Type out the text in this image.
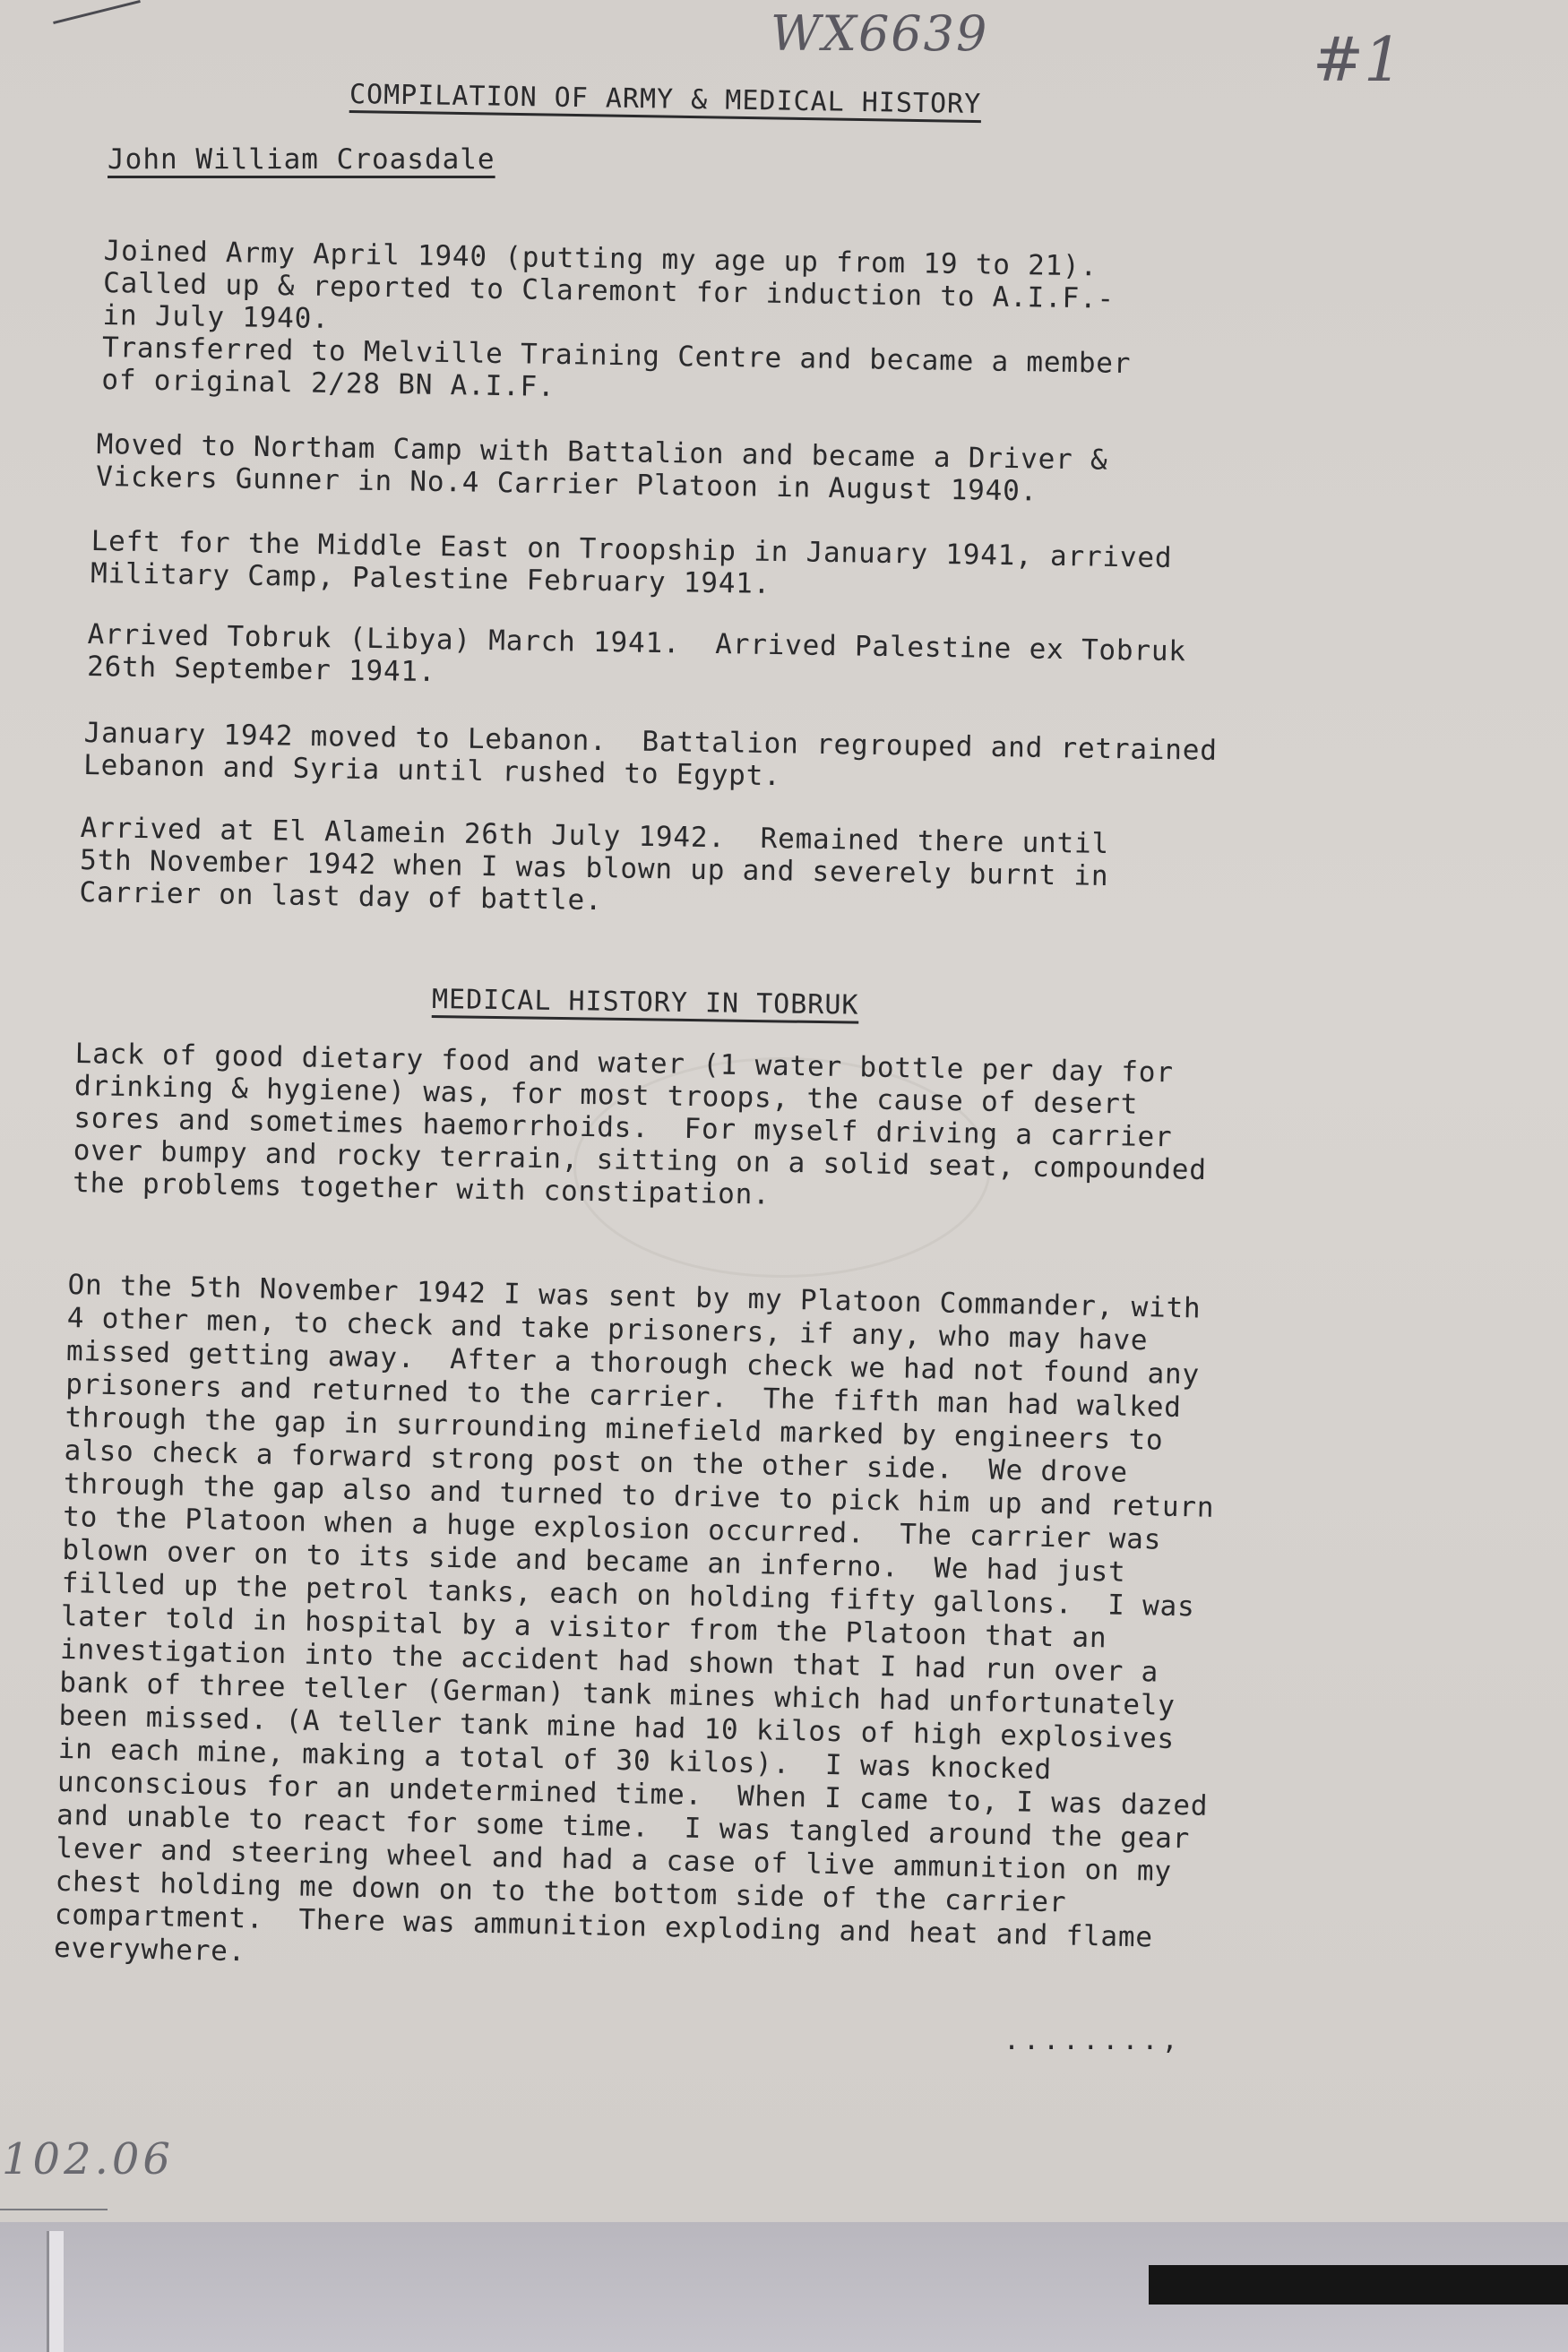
WX6639	#1
COMPILATION OF ARMY & MEDICAL HISTORY
John William Croasdale

Joined Army April 1940 (putting my age up from 19 to 21).
Called up & reported to Claremont for induction to A.I.F.-
in July 1940.
Transferred to Melville Training Centre and became a member
of original 2/28 BN A.I.F.

Moved to Northam Camp with Battalion and became a Driver &
Vickers Gunner in No.4 Carrier Platoon in August 1940.

Left for the Middle East on Troopship in January 1941, arrived
Military Camp, Palestine February 1941.

Arrived Tobruk (Libya) March 1941.  Arrived Palestine ex Tobruk
26th September 1941.

January 1942 moved to Lebanon.  Battalion regrouped and retrained
Lebanon and Syria until rushed to Egypt.

Arrived at El Alamein 26th July 1942.  Remained there until
5th November 1942 when I was blown up and severely burnt in
Carrier on last day of battle.

MEDICAL HISTORY IN TOBRUK

Lack of good dietary food and water (1 water bottle per day for
drinking & hygiene) was, for most troops, the cause of desert
sores and sometimes haemorrhoids.  For myself driving a carrier
over bumpy and rocky terrain, sitting on a solid seat, compounded
the problems together with constipation.

On the 5th November 1942 I was sent by my Platoon Commander, with
4 other men, to check and take prisoners, if any, who may have
missed getting away.  After a thorough check we had not found any
prisoners and returned to the carrier.  The fifth man had walked
through the gap in surrounding minefield marked by engineers to
also check a forward strong post on the other side.  We drove
through the gap also and turned to drive to pick him up and return
to the Platoon when a huge explosion occurred.  The carrier was
blown over on to its side and became an inferno.  We had just
filled up the petrol tanks, each on holding fifty gallons.  I was
later told in hospital by a visitor from the Platoon that an
investigation into the accident had shown that I had run over a
bank of three teller (German) tank mines which had unfortunately
been missed. (A teller tank mine had 10 kilos of high explosives
in each mine, making a total of 30 kilos).  I was knocked
unconscious for an undetermined time.  When I came to, I was dazed
and unable to react for some time.  I was tangled around the gear
lever and steering wheel and had a case of live ammunition on my
chest holding me down on to the bottom side of the carrier
compartment.  There was ammunition exploding and heat and flame
everywhere.

........,
102.06
